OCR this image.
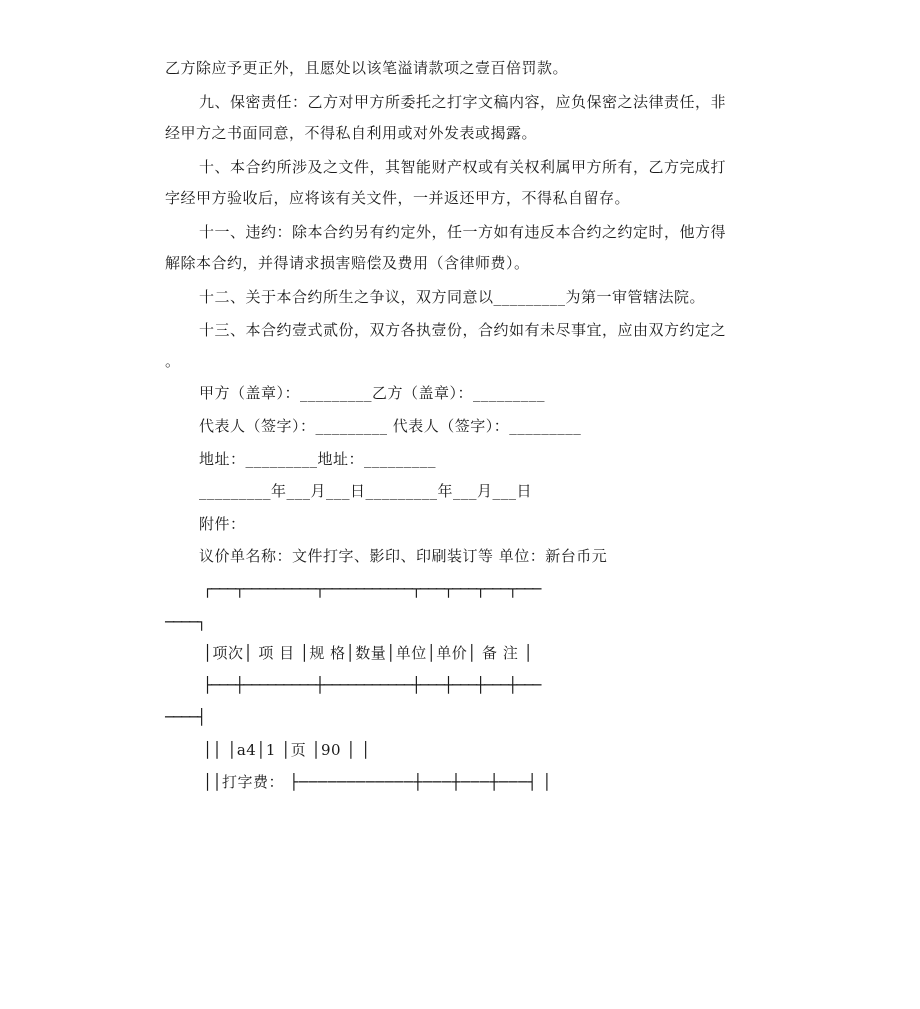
乙方除应予更正外，且愿处以该笔溢请款项之壹百倍罚款。
九、保密责任：乙方对甲方所委托之打字文稿内容，应负保密之法律责任，非
经甲方之书面同意，不得私自利用或对外发表或揭露。
十、本合约所涉及之文件，其智能财产权或有关权利属甲方所有，乙方完成打
字经甲方验收后，应将该有关文件，一并返还甲方，不得私自留存。
十一、违约：除本合约另有约定外，任一方如有违反本合约之约定时，他方得
解除本合约，并得请求损害赔偿及费用（含律师费）。
十二、关于本合约所生之争议，双方同意以_________为第一审管辖法院。
十三、本合约壹式贰份，双方各执壹份，合约如有未尽事宜，应由双方约定之
。
甲方（盖章）：_________乙方（盖章）：_________
代表人（签字）：_________ 代表人（签字）：_________
地址：_________地址：_________
_________年___月___日_________年___月___日
附件：
议价单名称：文件打字、影印、印刷装订等 单位：新台币元
┌───┬─────────┬───────────┬───┬───┬───┬───
────┐
│项次│ 项 目 │规 格│数量│单位│单价│ 备 注 │
├───┼─────────┼───────────┼───┼───┼───┼───
────┤
││ │a4│1 │页 │90 │ │
││打字费： ├────────────┼───┼───┼───┤ │
